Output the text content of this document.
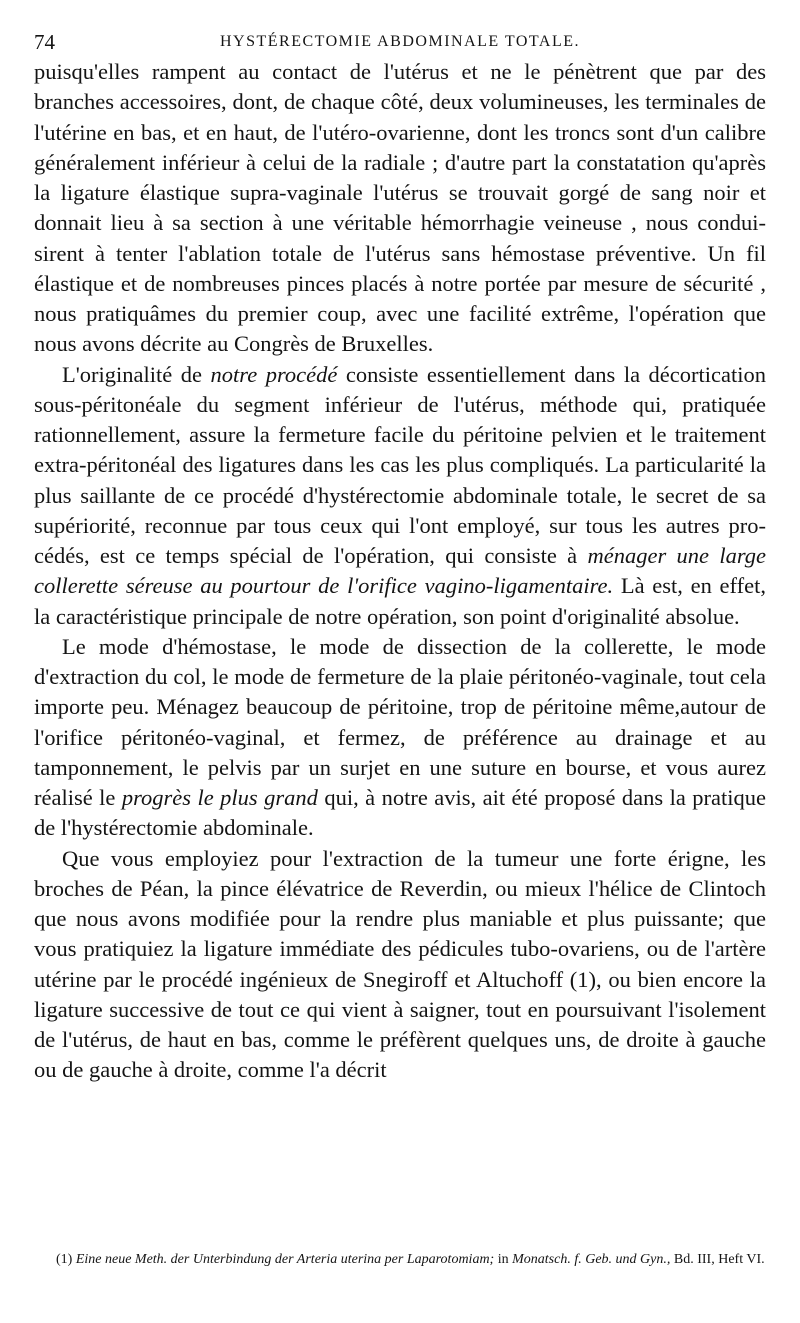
74	HYSTÉRECTOMIE ABDOMINALE TOTALE.

puisqu'elles rampent au contact de l'utérus et ne le pénètrent que par des branches accessoires, dont, de chaque côté, deux volumineuses, les terminales de l'utérine en bas, et en haut, de l'utéro-ovarienne, dont les troncs sont d'un calibre généralement inférieur à celui de la radiale ; d'autre part la constatation qu'après la ligature élastique supra-vaginale l'utérus se trouvait gorgé de sang noir et donnait lieu à sa section à une véritable hémorrhagie veineuse , nous conduisirent à tenter l'ablation totale de l'utérus sans hémostase préventive. Un fil élastique et de nombreuses pinces placés à notre portée par mesure de sécurité , nous pratiquâmes du premier coup, avec une facilité extrême, l'opération que nous avons décrite au Congrès de Bruxelles.

L'originalité de notre procédé consiste essentiellement dans la décortication sous-péritonéale du segment inférieur de l'utérus, méthode qui, pratiquée rationnellement, assure la fermeture facile du péritoine pelvien et le traitement extra-péritonéal des ligatures dans les cas les plus compliqués. La particularité la plus saillante de ce procédé d'hystérectomie abdominale totale, le secret de sa supériorité, reconnue par tous ceux qui l'ont employé, sur tous les autres procédés, est ce temps spécial de l'opération, qui consiste à ménager une large collerette séreuse au pourtour de l'orifice vagino-ligamentaire. Là est, en effet, la caractéristique principale de notre opération, son point d'originalité absolue.

Le mode d'hémostase, le mode de dissection de la collerette, le mode d'extraction du col, le mode de fermeture de la plaie péritonéo-vaginale, tout cela importe peu. Ménagez beaucoup de péritoine, trop de péritoine même,autour de l'orifice péritonéo-vaginal, et fermez, de préférence au drainage et au tamponnement, le pelvis par un surjet en une suture en bourse, et vous aurez réalisé le progrès le plus grand qui, à notre avis, ait été proposé dans la pratique de l'hystérectomie abdominale.

Que vous employiez pour l'extraction de la tumeur une forte érigne, les broches de Péan, la pince élévatrice de Reverdin, ou mieux l'hélice de Clintoch que nous avons modifiée pour la rendre plus maniable et plus puissante; que vous pratiquiez la ligature immédiate des pédicules tubo-ovariens, ou de l'artère utérine par le procédé ingénieux de Snegiroff et Altuchoff (1), ou bien encore la ligature successive de tout ce qui vient à saigner, tout en poursuivant l'isolement de l'utérus, de haut en bas, comme le préfèrent quelques uns, de droite à gauche ou de gauche à droite, comme l'a décrit

(1) Eine neue Meth. der Unterbindung der Arteria uterina per Laparotomiam; in Monatsch. f. Geb. und Gyn., Bd. III, Heft VI.
